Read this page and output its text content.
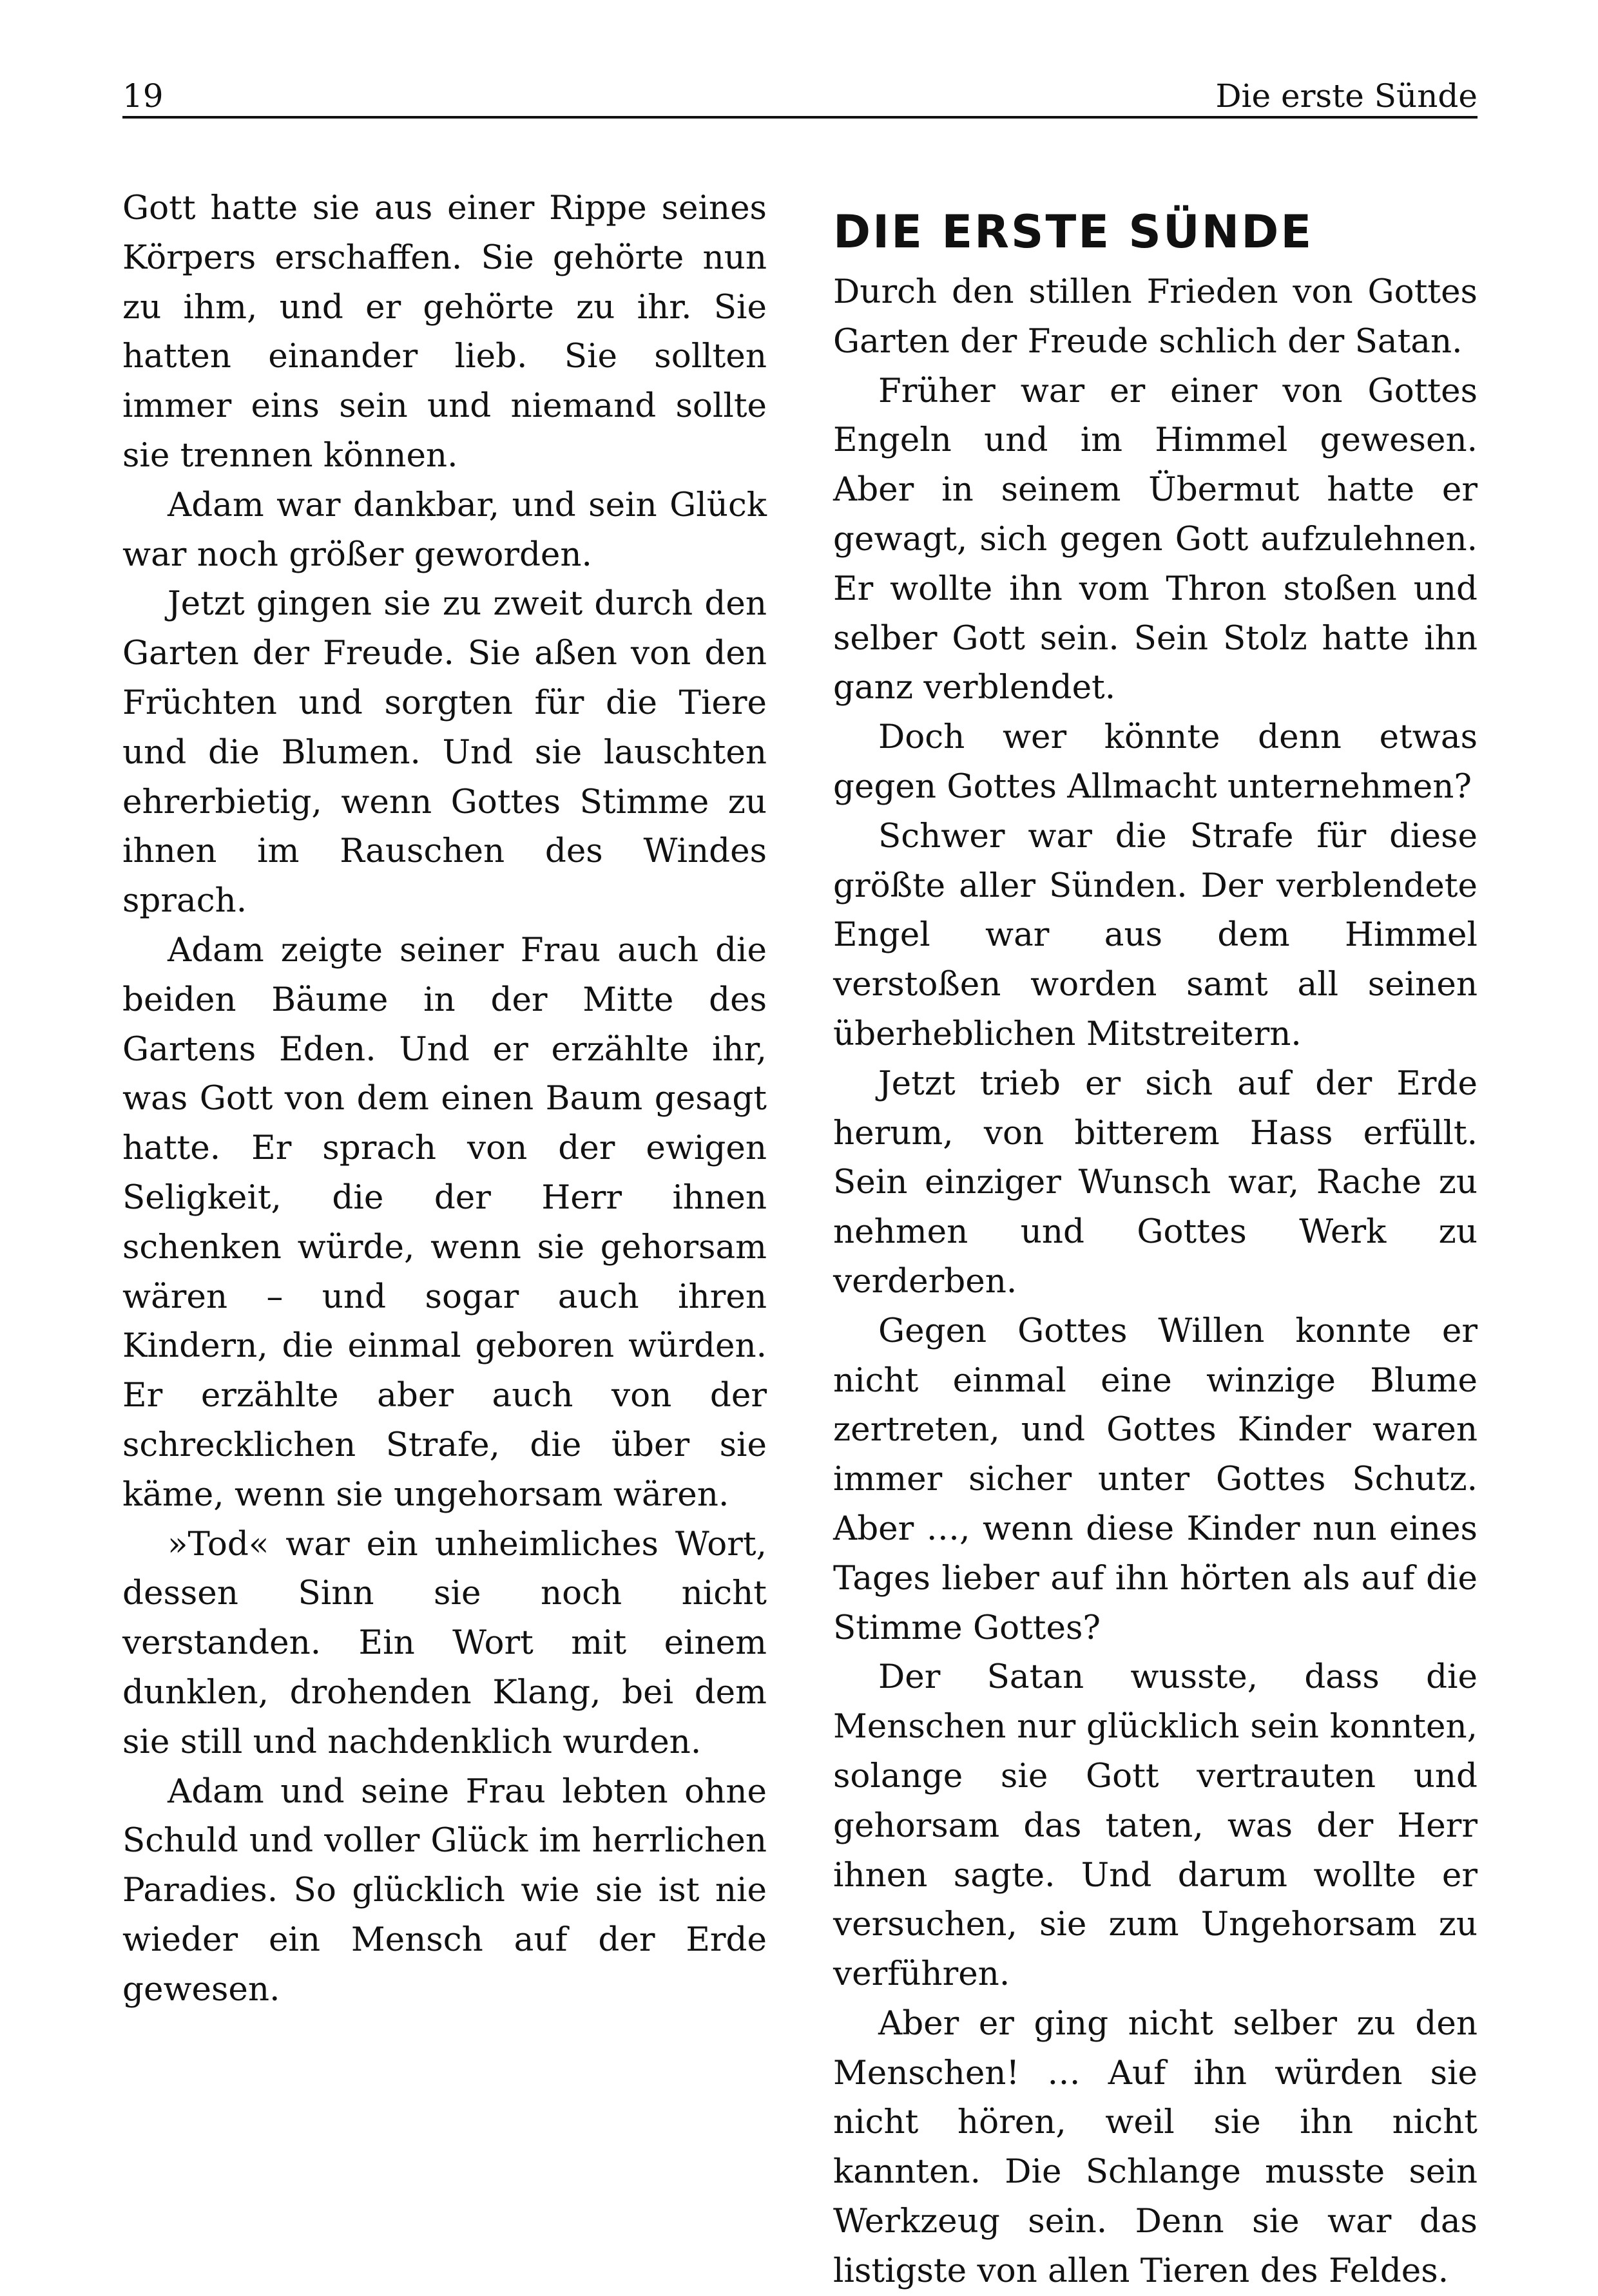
19	Die erste Sünde

Gott hatte sie aus einer Rippe seines Körpers erschaffen. Sie gehörte nun zu ihm, und er gehörte zu ihr. Sie hatten einander lieb. Sie sollten immer eins sein und niemand sollte sie trennen können.

Adam war dankbar, und sein Glück war noch größer geworden.

Jetzt gingen sie zu zweit durch den Garten der Freude. Sie aßen von den Früchten und sorgten für die Tiere und die Blumen. Und sie lauschten ehrerbietig, wenn Gottes Stimme zu ihnen im Rauschen des Windes sprach.

Adam zeigte seiner Frau auch die beiden Bäume in der Mitte des Gartens Eden. Und er erzählte ihr, was Gott von dem einen Baum gesagt hatte. Er sprach von der ewigen Seligkeit, die der Herr ihnen schenken würde, wenn sie gehorsam wären – und sogar auch ihren Kindern, die einmal geboren würden. Er erzählte aber auch von der schrecklichen Strafe, die über sie käme, wenn sie ungehorsam wären.

»Tod« war ein unheimliches Wort, dessen Sinn sie noch nicht verstanden. Ein Wort mit einem dunklen, drohenden Klang, bei dem sie still und nachdenklich wurden.

Adam und seine Frau lebten ohne Schuld und voller Glück im herrlichen Paradies. So glücklich wie sie ist nie wieder ein Mensch auf der Erde gewesen.

DIE ERSTE SÜNDE

Durch den stillen Frieden von Gottes Garten der Freude schlich der Satan.

Früher war er einer von Gottes Engeln und im Himmel gewesen. Aber in seinem Übermut hatte er gewagt, sich gegen Gott aufzulehnen. Er wollte ihn vom Thron stoßen und selber Gott sein. Sein Stolz hatte ihn ganz verblendet.

Doch wer könnte denn etwas gegen Gottes Allmacht unternehmen?

Schwer war die Strafe für diese größte aller Sünden. Der verblendete Engel war aus dem Himmel verstoßen worden samt all seinen überheblichen Mitstreitern.

Jetzt trieb er sich auf der Erde herum, von bitterem Hass erfüllt. Sein einziger Wunsch war, Rache zu nehmen und Gottes Werk zu verderben.

Gegen Gottes Willen konnte er nicht einmal eine winzige Blume zertreten, und Gottes Kinder waren immer sicher unter Gottes Schutz. Aber …, wenn diese Kinder nun eines Tages lieber auf ihn hörten als auf die Stimme Gottes?

Der Satan wusste, dass die Menschen nur glücklich sein konnten, solange sie Gott vertrauten und gehorsam das taten, was der Herr ihnen sagte. Und darum wollte er versuchen, sie zum Ungehorsam zu verführen.

Aber er ging nicht selber zu den Menschen! … Auf ihn würden sie nicht hören, weil sie ihn nicht kannten. Die Schlange musste sein Werkzeug sein. Denn sie war das listigste von allen Tieren des Feldes.
